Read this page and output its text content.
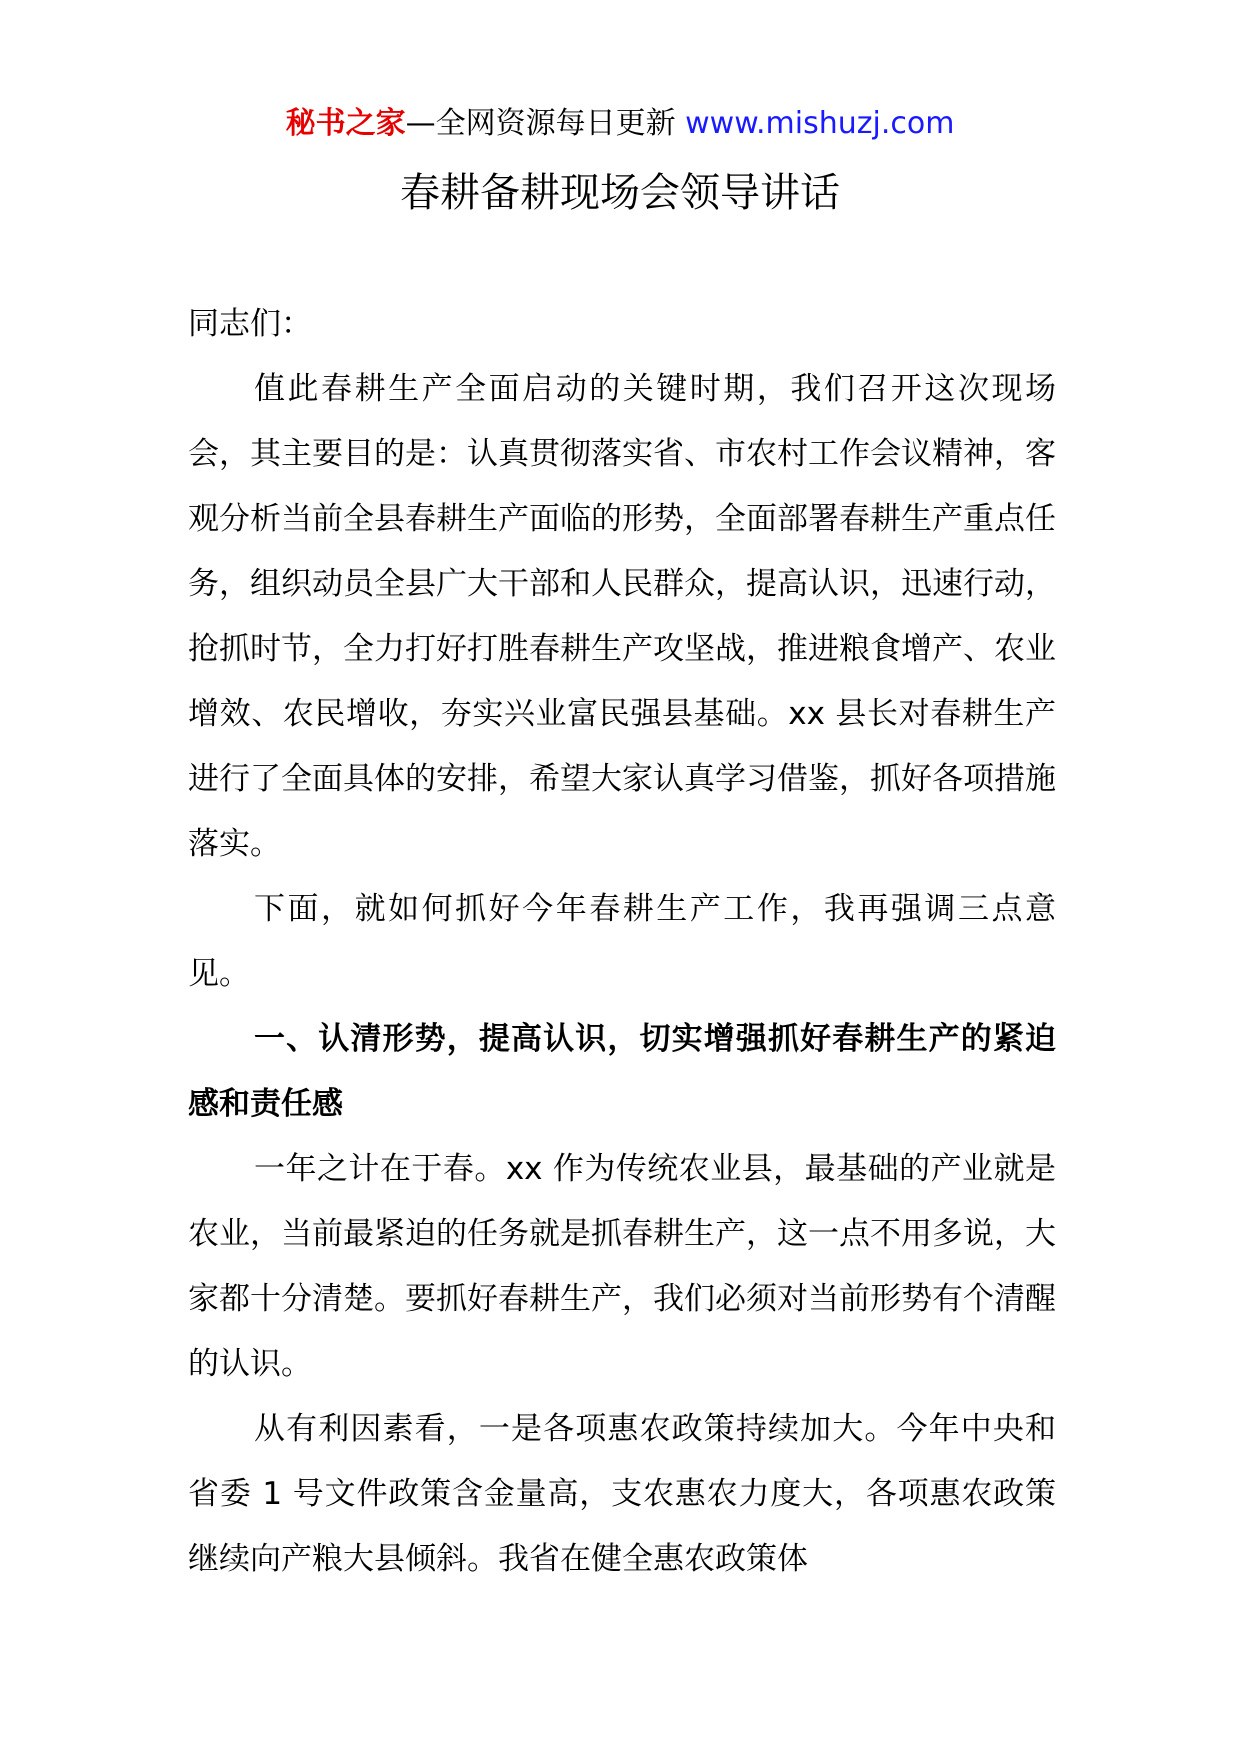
秘书之家—全网资源每日更新 www.mishuzj.com
春耕备耕现场会领导讲话

同志们：

值此春耕生产全面启动的关键时期，我们召开这次现场会，其主要目的是：认真贯彻落实省、市农村工作会议精神，客观分析当前全县春耕生产面临的形势，全面部署春耕生产重点任务，组织动员全县广大干部和人民群众，提高认识，迅速行动，抢抓时节，全力打好打胜春耕生产攻坚战，推进粮食增产、农业增效、农民增收，夯实兴业富民强县基础。xx 县长对春耕生产进行了全面具体的安排，希望大家认真学习借鉴，抓好各项措施落实。

下面，就如何抓好今年春耕生产工作，我再强调三点意见。

一、认清形势，提高认识，切实增强抓好春耕生产的紧迫感和责任感

一年之计在于春。xx 作为传统农业县，最基础的产业就是农业，当前最紧迫的任务就是抓春耕生产，这一点不用多说，大家都十分清楚。要抓好春耕生产，我们必须对当前形势有个清醒的认识。

从有利因素看，一是各项惠农政策持续加大。今年中央和省委 1 号文件政策含金量高，支农惠农力度大，各项惠农政策继续向产粮大县倾斜。我省在健全惠农政策体
